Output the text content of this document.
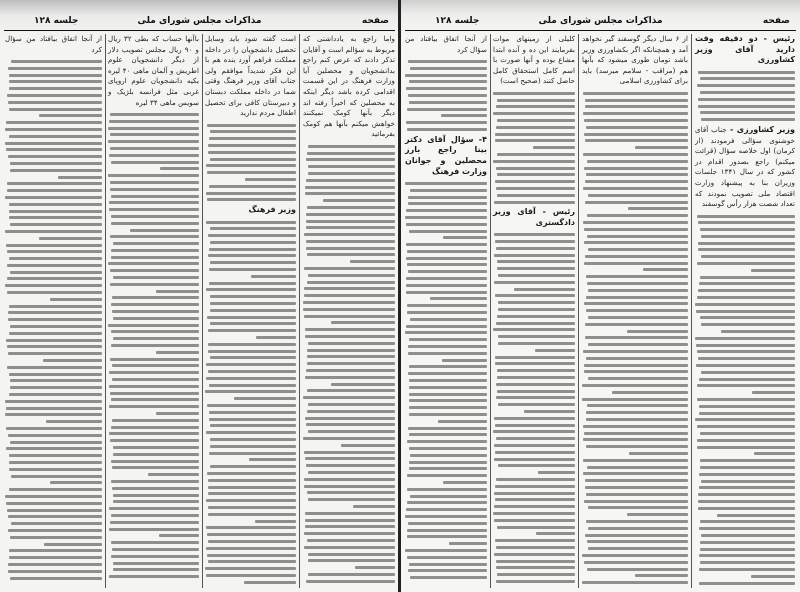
صفحه
مذاکرات مجلس شورای ملی
جلسه ۱۲۸

واما راجع به یادداشتی که مربوط به سؤالم است و آقایان تذکر دادند که عرض کنم راجع بدانشجویان و محصلین آیا وزارت فرهنگ در این قسمت اقدامی کرده باشد دیگر اینکه به محصلین که اخیراً رفته اند دیگر بآنها کومک نمیکنند خواهش میکنم بآنها هم کومک بفرمائید

است گفته شود باید وسایل تحصیل دانشجویان را در داخله مملکت فراهم آورد بنده هم با این فکر شدیداً موافقم ولی جناب آقای وزیر فرهنگ وقتی شما در داخله مملکت دبستان و دبیرستان کافی برای تحصیل اطفال مردم ندارید

وزیر فرهنگ

باآنها حساب که بطی ۳۲ ریال و ۹۰ ریال مجلس تصویب دلار از دیگر دانشجویان علوم اطریش و آلمان ماهی ۴۰ لیره یکیه دانشجویان علوم اروپای غربی مثل فرانسه بلژیک و سویس ماهی ۳۴ لیره

از آنجا اتفاق بیافتاد من سؤال کرد

صفحه
مذاکرات مجلس شورای ملی
جلسه ۱۲۸

رئیس - دو دقیقه وقت دارید آقای وزیر کشاورزی

وزیر کشاورزی - جناب آقای خوشنوی سؤالی فرمودند (از کرمان) اول خلاصه سؤال (قرائت میکنم) راجع بصدور اقدام در کشور که در سال ۱۳۴۱ جلسات وزیران بنا به پیشنهاد وزارت اقتصاد ملی تصویب نمودند که تعداد شصت هزار رأس گوسفند

از ۶ سال دیگر گوسفند گیر نخواهد آمد و همچنانکه اگر بکشاورزی وزیر باشد تومان طوری میشود که بآنها هم (مراقب - سلامم میرسد) باید برای کشاورزی اسلامی

کلیلی از زمینهای موات بفرمایند این ده و آنده ابتدا مشاع بوده و آنها صورت با اسم کامل استحقاق کامل حاصل کنند (صحیح است)

رئیس - آقای وزیر دادگستری

از آنجا اتفاق بیافتاد من سؤال کرد

۴- سؤال آقای دکتر بینا راجع بارز محصلین و جوانان وزارت فرهنگ
